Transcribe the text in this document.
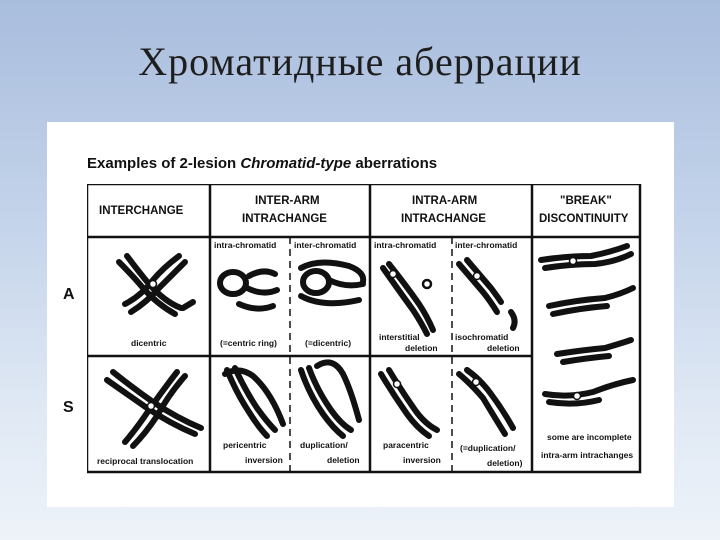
Хроматидные аберрации
Examples of 2-lesion Chromatid-type aberrations
A
S
INTERCHANGE
INTER-ARM
INTRACHANGE
INTRA-ARM
INTRACHANGE
"BREAK"
DISCONTINUITY
intra-chromatid inter-chromatid intra-chromatid inter-chromatid
dicentric	(=centric ring)	(=dicentric)
interstitial
deletion
isochromatid
deletion
reciprocal translocation
pericentric
inversion
duplication/
deletion
paracentric
inversion
(=duplication/
deletion)
some are incomplete
intra-arm intrachanges
